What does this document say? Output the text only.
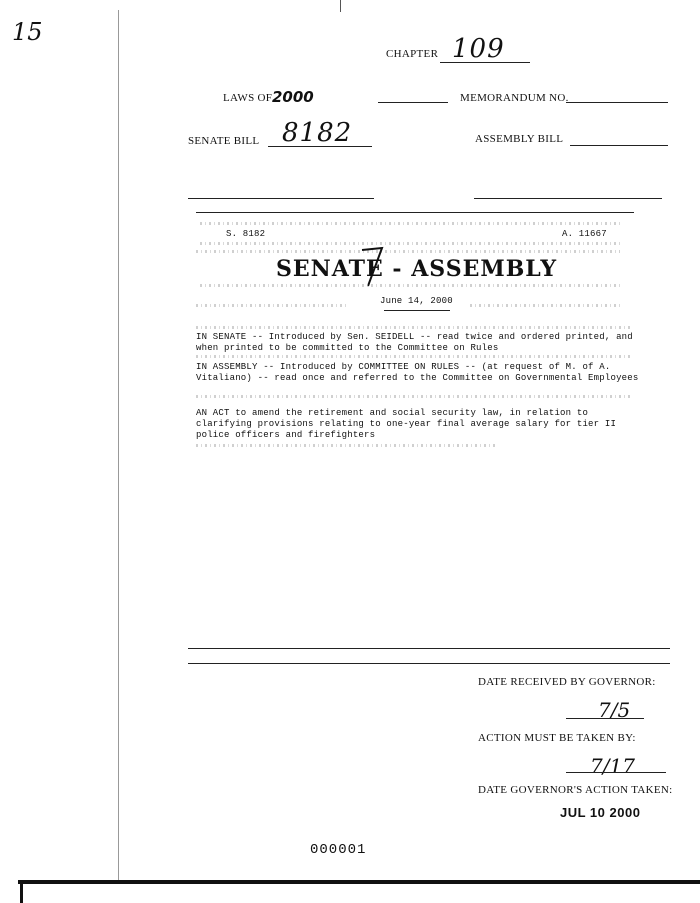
15
CHAPTER 109
LAWS OF 2000	MEMORANDUM NO.
SENATE BILL 8182	ASSEMBLY BILL
S. 8182	A. 11667
SENATE - ASSEMBLY
June 14, 2000
IN SENATE -- Introduced by Sen. SEIDELL -- read twice and ordered printed, and when printed to be committed to the Committee on Rules
IN ASSEMBLY -- Introduced by COMMITTEE ON RULES -- (at request of M. of A. Vitaliano) -- read once and referred to the Committee on Governmental Employees
AN ACT to amend the retirement and social security law, in relation to clarifying provisions relating to one-year final average salary for tier II police officers and firefighters
DATE RECEIVED BY GOVERNOR:
7/5
ACTION MUST BE TAKEN BY:
7/17
DATE GOVERNOR'S ACTION TAKEN:
JUL 10 2000
000001
